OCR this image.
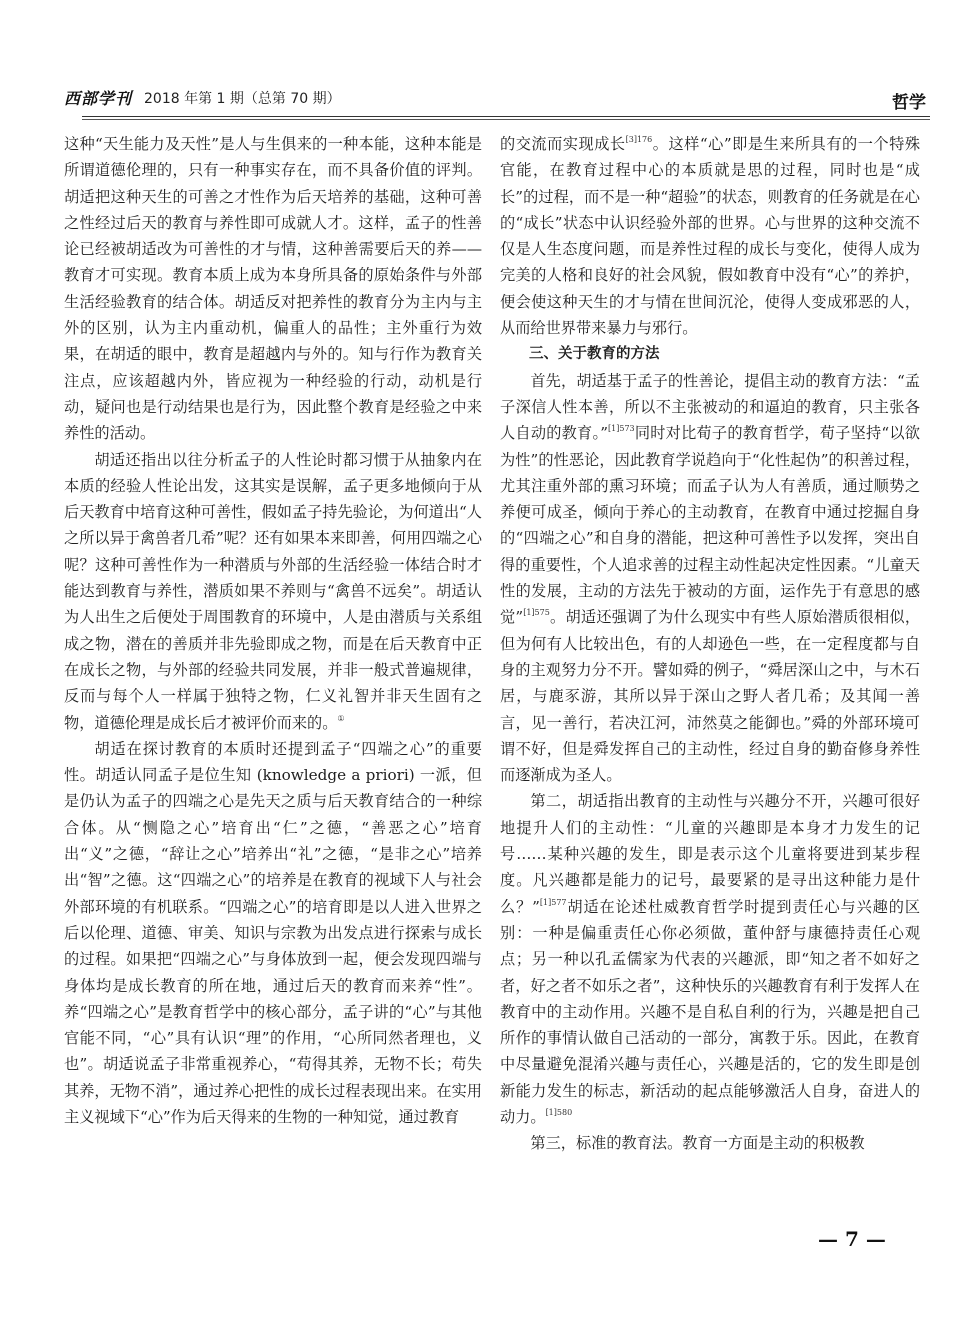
西部学刊 2018 年第 1 期（总第 70 期）	哲学

这种“天生能力及天性”是人与生俱来的一种本能，这种本能是所谓道德伦理的，只有一种事实存在，而不具备价值的评判。胡适把这种天生的可善之才性作为后天培养的基础，这种可善之性经过后天的教育与养性即可成就人才。这样，孟子的性善论已经被胡适改为可善性的才与情，这种善需要后天的养——教育才可实现。教育本质上成为本身所具备的原始条件与外部生活经验教育的结合体。胡适反对把养性的教育分为主内与主外的区别，认为主内重动机，偏重人的品性；主外重行为效果，在胡适的眼中，教育是超越内与外的。知与行作为教育关注点，应该超越内外，皆应视为一种经验的行动，动机是行动，疑问也是行动结果也是行为，因此整个教育是经验之中来养性的活动。

胡适还指出以往分析孟子的人性论时都习惯于从抽象内在本质的经验人性论出发，这其实是误解，孟子更多地倾向于从后天教育中培育这种可善性，假如孟子持先验论，为何道出“人之所以异于禽兽者几希”呢？还有如果本来即善，何用四端之心呢？这种可善性作为一种潜质与外部的生活经验一体结合时才能达到教育与养性，潜质如果不养则与“禽兽不远矣”。胡适认为人出生之后便处于周围教育的环境中，人是由潜质与关系组成之物，潜在的善质并非先验即成之物，而是在后天教育中正在成长之物，与外部的经验共同发展，并非一般式普遍规律，反而与每个人一样属于独特之物，仁义礼智并非天生固有之物，道德伦理是成长后才被评价而来的。①

胡适在探讨教育的本质时还提到孟子“四端之心”的重要性。胡适认同孟子是位生知 (knowledge a priori) 一派，但是仍认为孟子的四端之心是先天之质与后天教育结合的一种综合体。从“恻隐之心”培育出“仁”之德，“善恶之心”培育出“义”之德，“辞让之心”培养出“礼”之德，“是非之心”培养出“智”之德。这“四端之心”的培养是在教育的视域下人与社会外部环境的有机联系。“四端之心”的培育即是以人进入世界之后以伦理、道德、审美、知识与宗教为出发点进行探索与成长的过程。如果把“四端之心”与身体放到一起，便会发现四端与身体均是成长教育的所在地，通过后天的教育而来养“性”。养“四端之心”是教育哲学中的核心部分，孟子讲的“心”与其他官能不同，“心”具有认识“理”的作用，“心所同然者理也，义也”。胡适说孟子非常重视养心，“苟得其养，无物不长；苟失其养，无物不消”，通过养心把性的成长过程表现出来。在实用主义视域下“心”作为后天得来的生物的一种知觉，通过教育

的交流而实现成长$^{[3]176}$。这样“心”即是生来所具有的一个特殊官能，在教育过程中心的本质就是思的过程，同时也是“成长”的过程，而不是一种“超验”的状态，则教育的任务就是在心的“成长”状态中认识经验外部的世界。心与世界的这种交流不仅是人生态度问题，而是养性过程的成长与变化，使得人成为完美的人格和良好的社会风貌，假如教育中没有“心”的养护，便会使这种天生的才与情在世间沉沦，使得人变成邪恶的人，从而给世界带来暴力与邪行。

三、关于教育的方法

首先，胡适基于孟子的性善论，提倡主动的教育方法：“孟子深信人性本善，所以不主张被动的和逼迫的教育，只主张各人自动的教育。”$^{[1]573}$同时对比荀子的教育哲学，荀子坚持“以欲为性”的性恶论，因此教育学说趋向于“化性起伪”的积善过程，尤其注重外部的熏习环境；而孟子认为人有善质，通过顺势之养便可成圣，倾向于养心的主动教育，在教育中通过挖掘自身的“四端之心”和自身的潜能，把这种可善性予以发挥，突出自得的重要性，个人追求善的过程主动性起决定性因素。“儿童天性的发展，主动的方法先于被动的方面，运作先于有意思的感觉”$^{[1]575}$。胡适还强调了为什么现实中有些人原始潜质很相似，但为何有人比较出色，有的人却逊色一些，在一定程度都与自身的主观努力分不开。譬如舜的例子，“舜居深山之中，与木石居，与鹿豕游，其所以异于深山之野人者几希；及其闻一善言，见一善行，若决江河，沛然莫之能御也。”舜的外部环境可谓不好，但是舜发挥自己的主动性，经过自身的勤奋修身养性而逐渐成为圣人。

第二，胡适指出教育的主动性与兴趣分不开，兴趣可很好地提升人们的主动性：“儿童的兴趣即是本身才力发生的记号……某种兴趣的发生，即是表示这个儿童将要进到某步程度。凡兴趣都是能力的记号，最要紧的是寻出这种能力是什么？”$^{[1]577}$胡适在论述杜威教育哲学时提到责任心与兴趣的区别：一种是偏重责任心你必须做，董仲舒与康德持责任心观点；另一种以孔孟儒家为代表的兴趣派，即“知之者不如好之者，好之者不如乐之者”，这种快乐的兴趣教育有利于发挥人在教育中的主动作用。兴趣不是自私自利的行为，兴趣是把自己所作的事情认做自己活动的一部分，寓教于乐。因此，在教育中尽量避免混淆兴趣与责任心，兴趣是活的，它的发生即是创新能力发生的标志，新活动的起点能够激活人自身，奋进人的动力。$^{[1]580}$

第三，标准的教育法。教育一方面是主动的积极教

— 7 —
